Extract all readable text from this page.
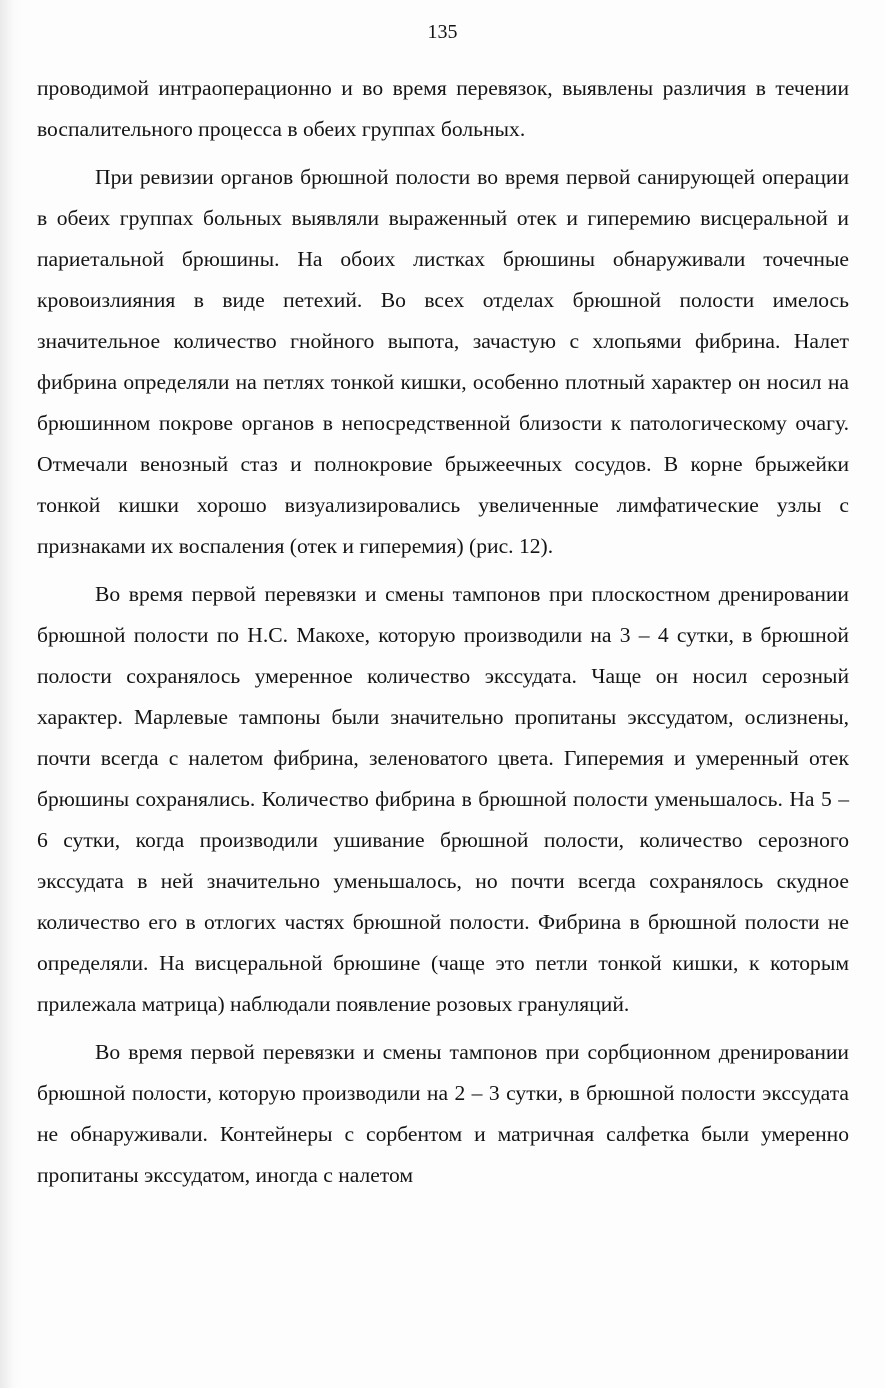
135

проводимой интраоперационно и во время перевязок, выявлены различия в течении воспалительного процесса в обеих группах больных.

При ревизии органов брюшной полости во время первой санирующей операции в обеих группах больных выявляли выраженный отек и гиперемию висцеральной и париетальной брюшины. На обоих листках брюшины обнаруживали точечные кровоизлияния в виде петехий. Во всех отделах брюшной полости имелось значительное количество гнойного выпота, зачастую с хлопьями фибрина. Налет фибрина определяли на петлях тонкой кишки, особенно плотный характер он носил на брюшинном покрове органов в непосредственной близости к патологическому очагу. Отмечали венозный стаз и полнокровие брыжеечных сосудов. В корне брыжейки тонкой кишки хорошо визуализировались увеличенные лимфатические узлы с признаками их воспаления (отек и гиперемия) (рис. 12).

Во время первой перевязки и смены тампонов при плоскостном дренировании брюшной полости по Н.С. Макохе, которую производили на 3 – 4 сутки, в брюшной полости сохранялось умеренное количество экссудата. Чаще он носил серозный характер. Марлевые тампоны были значительно пропитаны экссудатом, ослизнены, почти всегда с налетом фибрина, зеленоватого цвета. Гиперемия и умеренный отек брюшины сохранялись. Количество фибрина в брюшной полости уменьшалось. На 5 – 6 сутки, когда производили ушивание брюшной полости, количество серозного экссудата в ней значительно уменьшалось, но почти всегда сохранялось скудное количество его в отлогих частях брюшной полости. Фибрина в брюшной полости не определяли. На висцеральной брюшине (чаще это петли тонкой кишки, к которым прилежала матрица) наблюдали появление розовых грануляций.

Во время первой перевязки и смены тампонов при сорбционном дренировании брюшной полости, которую производили на 2 – 3 сутки, в брюшной полости экссудата не обнаруживали. Контейнеры с сорбентом и матричная салфетка были умеренно пропитаны экссудатом, иногда с налетом
